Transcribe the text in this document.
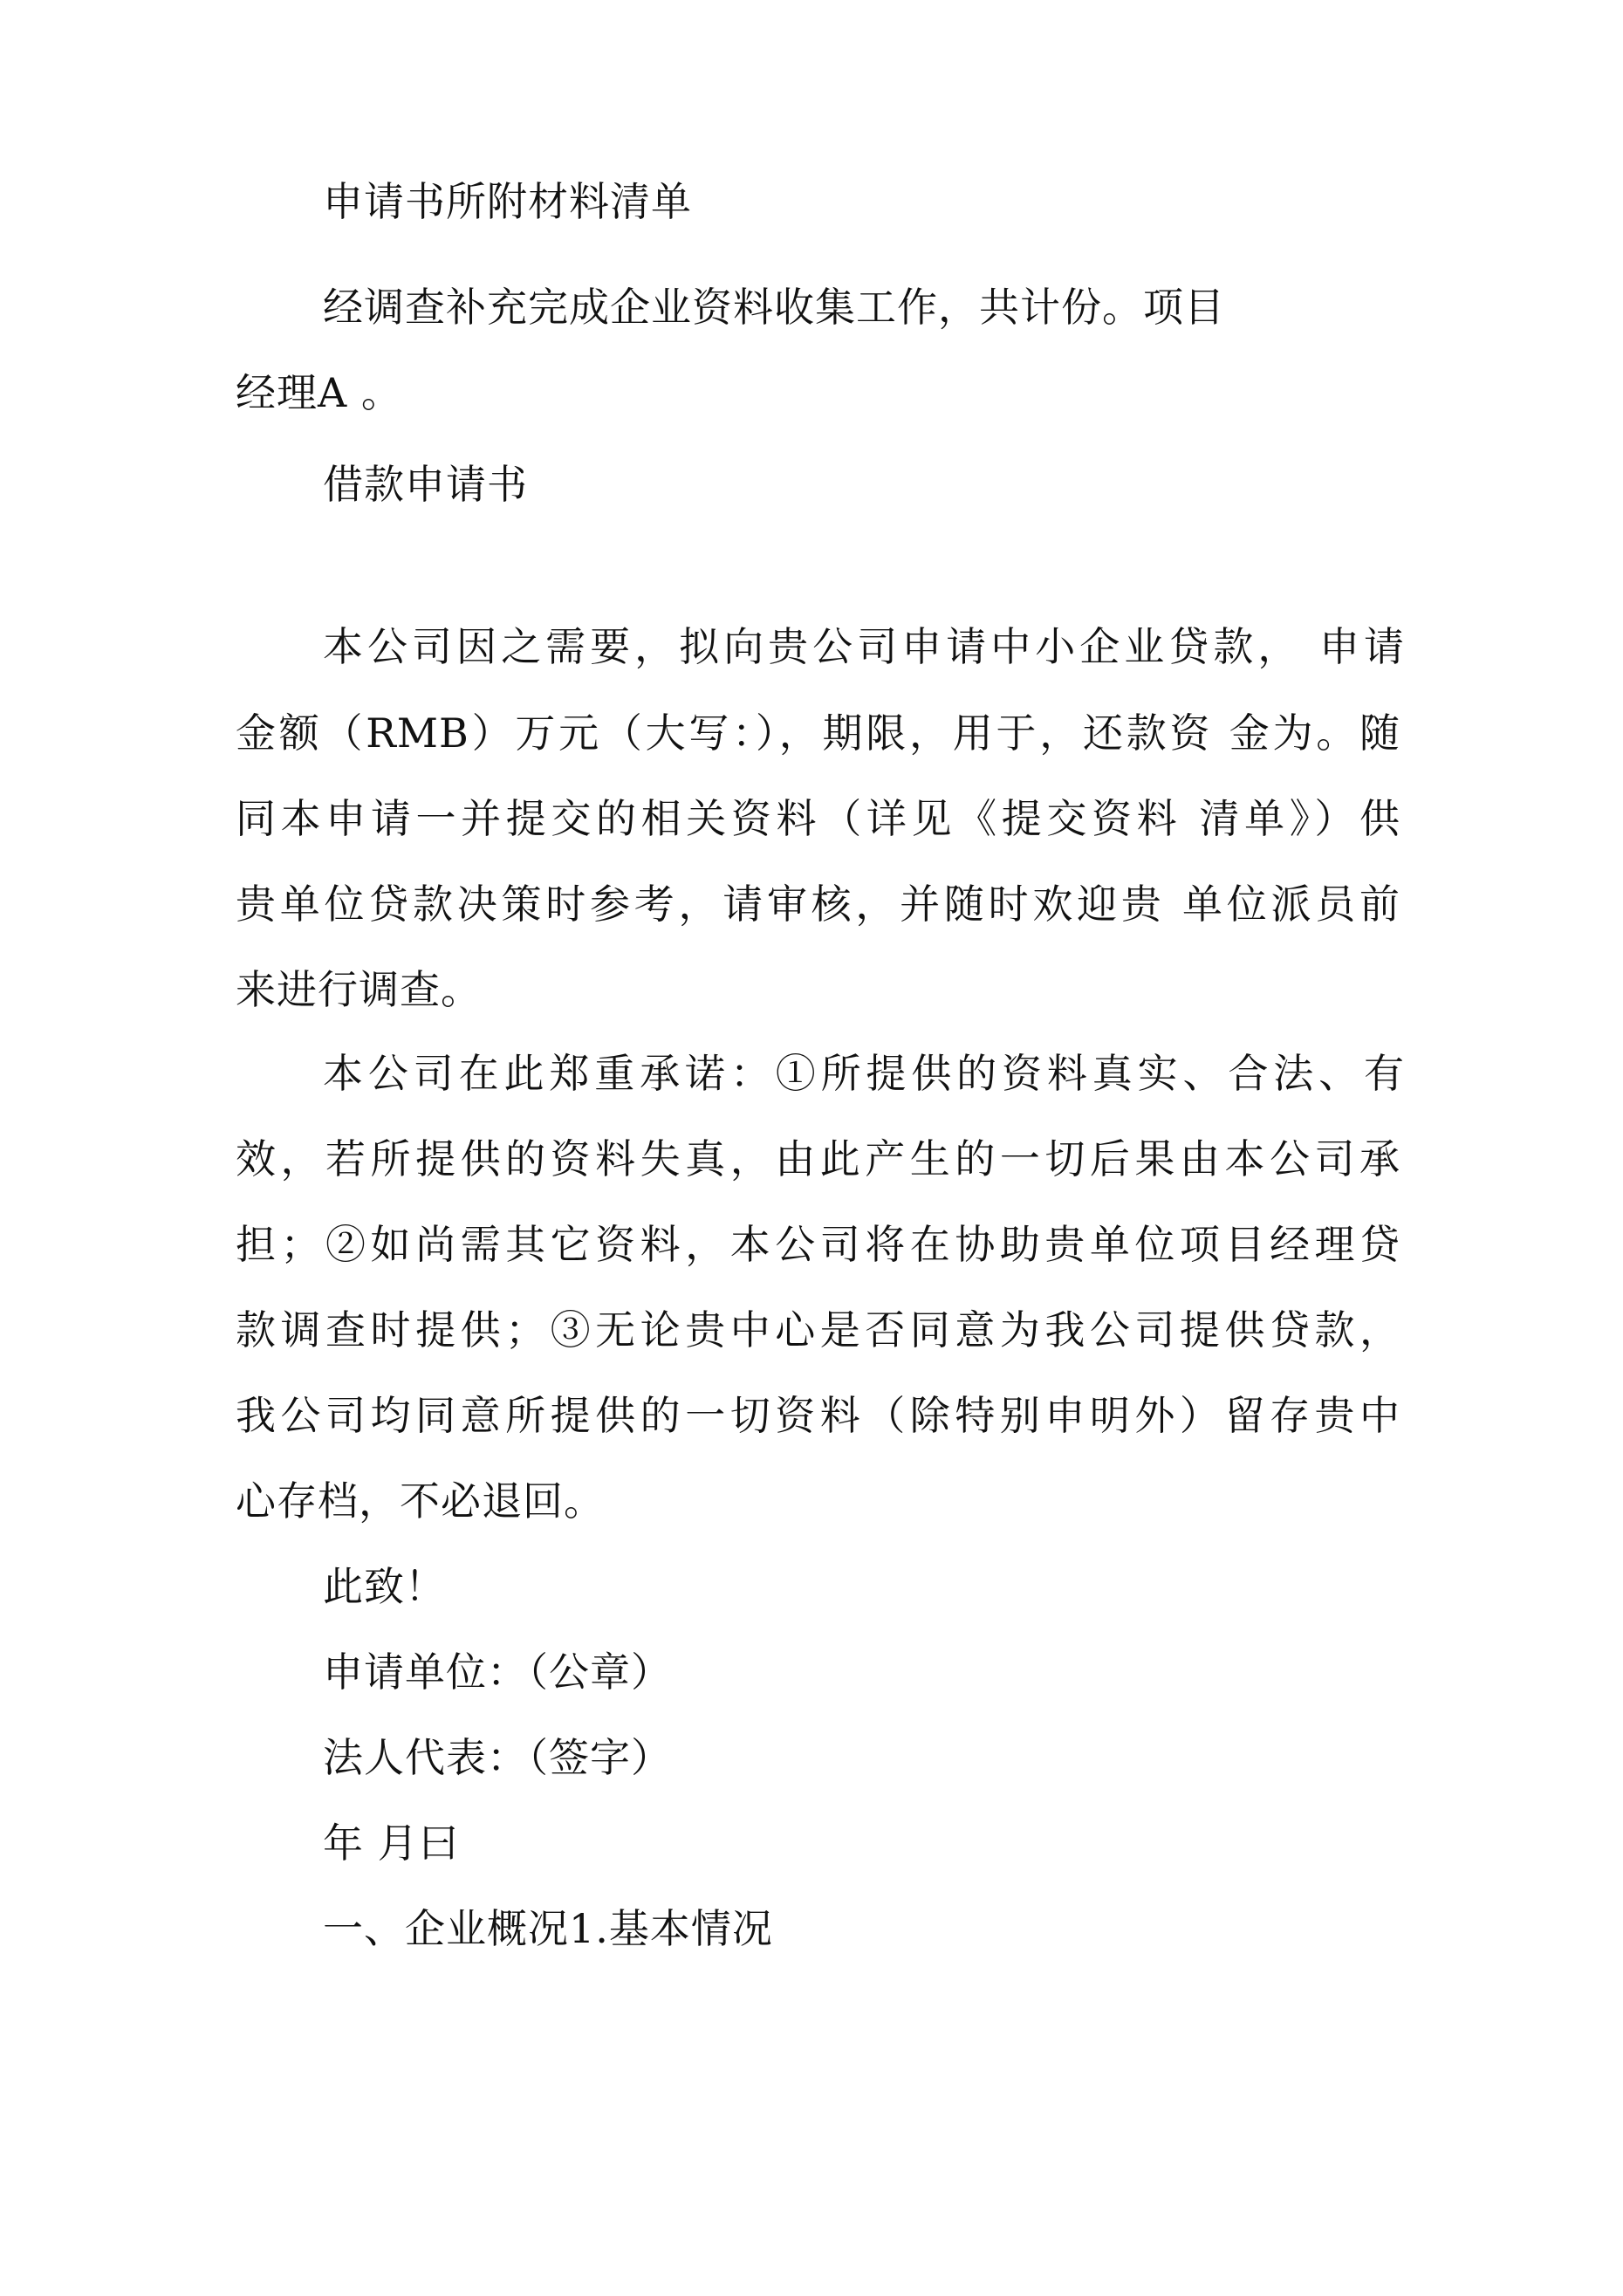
申请书所附材料清单
经调查补充完成企业资料收集工作，共计份。项目
经理A 。
借款申请书
本公司因之需要，拟向贵公司申请中小企业贷款， 申请
金额（RMB）万元（大写：），期限，用于，还款资 金为。随
同本申请一并提交的相关资料（详见《提交资料 清单》）供
贵单位贷款决策时参考，请审核，并随时欢迎贵 单位派员前
来进行调查。
本公司在此郑重承诺：①所提供的资料真实、合法、有
效，若所提供的资料失真，由此产生的一切后果由本公司承
担；②如尚需其它资料，本公司将在协助贵单位项目经理贷
款调查时提供；③无论贵中心是否同意为我公司提供贷款，
我公司均同意所提供的一切资料（除特别申明外）留存贵中
心存档，不必退回。
此致！
申请单位：（公章）
法人代表：（签字）
年 月曰
一、企业概况1.基本情况
